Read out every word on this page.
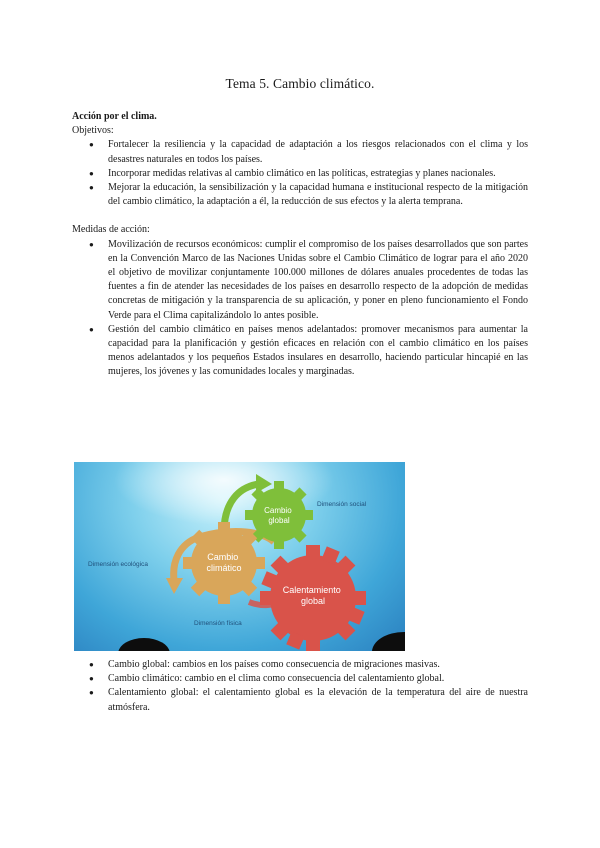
Tema 5. Cambio climático.
Acción por el clima.
Objetivos:
● Fortalecer la resiliencia y la capacidad de adaptación a los riesgos relacionados con el clima y los desastres naturales en todos los países.
● Incorporar medidas relativas al cambio climático en las políticas, estrategias y planes nacionales.
● Mejorar la educación, la sensibilización y la capacidad humana e institucional respecto de la mitigación del cambio climático, la adaptación a él, la reducción de sus efectos y la alerta temprana.
Medidas de acción:
● Movilización de recursos económicos: cumplir el compromiso de los países desarrollados que son partes en la Convención Marco de las Naciones Unidas sobre el Cambio Climático de lograr para el año 2020 el objetivo de movilizar conjuntamente 100.000 millones de dólares anuales procedentes de todas las fuentes a fin de atender las necesidades de los países en desarrollo respecto de la adopción de medidas concretas de mitigación y la transparencia de su aplicación, y poner en pleno funcionamiento el Fondo Verde para el Clima capitalizándolo lo antes posible.
● Gestión del cambio climático en países menos adelantados: promover mecanismos para aumentar la capacidad para la planificación y gestión eficaces en relación con el cambio climático en los países menos adelantados y los pequeños Estados insulares en desarrollo, haciendo particular hincapié en las mujeres, los jóvenes y las comunidades locales y marginadas.
Cambio global
Cambio climático
Calentamiento global
Dimensión social
Dimensión ecológica
Dimensión física
● Cambio global: cambios en los países como consecuencia de migraciones masivas.
● Cambio climático: cambio en el clima como consecuencia del calentamiento global.
● Calentamiento global: el calentamiento global es la elevación de la temperatura del aire de nuestra atmósfera.
